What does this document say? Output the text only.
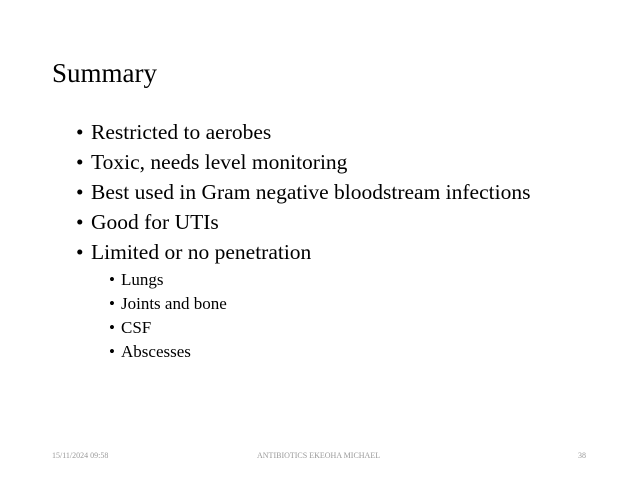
Summary
• Restricted to aerobes
• Toxic, needs level monitoring
• Best used in Gram negative bloodstream infections
• Good for UTIs
• Limited or no penetration
• Lungs
• Joints and bone
• CSF
• Abscesses
15/11/2024 09:58	ANTIBIOTICS EKEOHA MICHAEL	38
